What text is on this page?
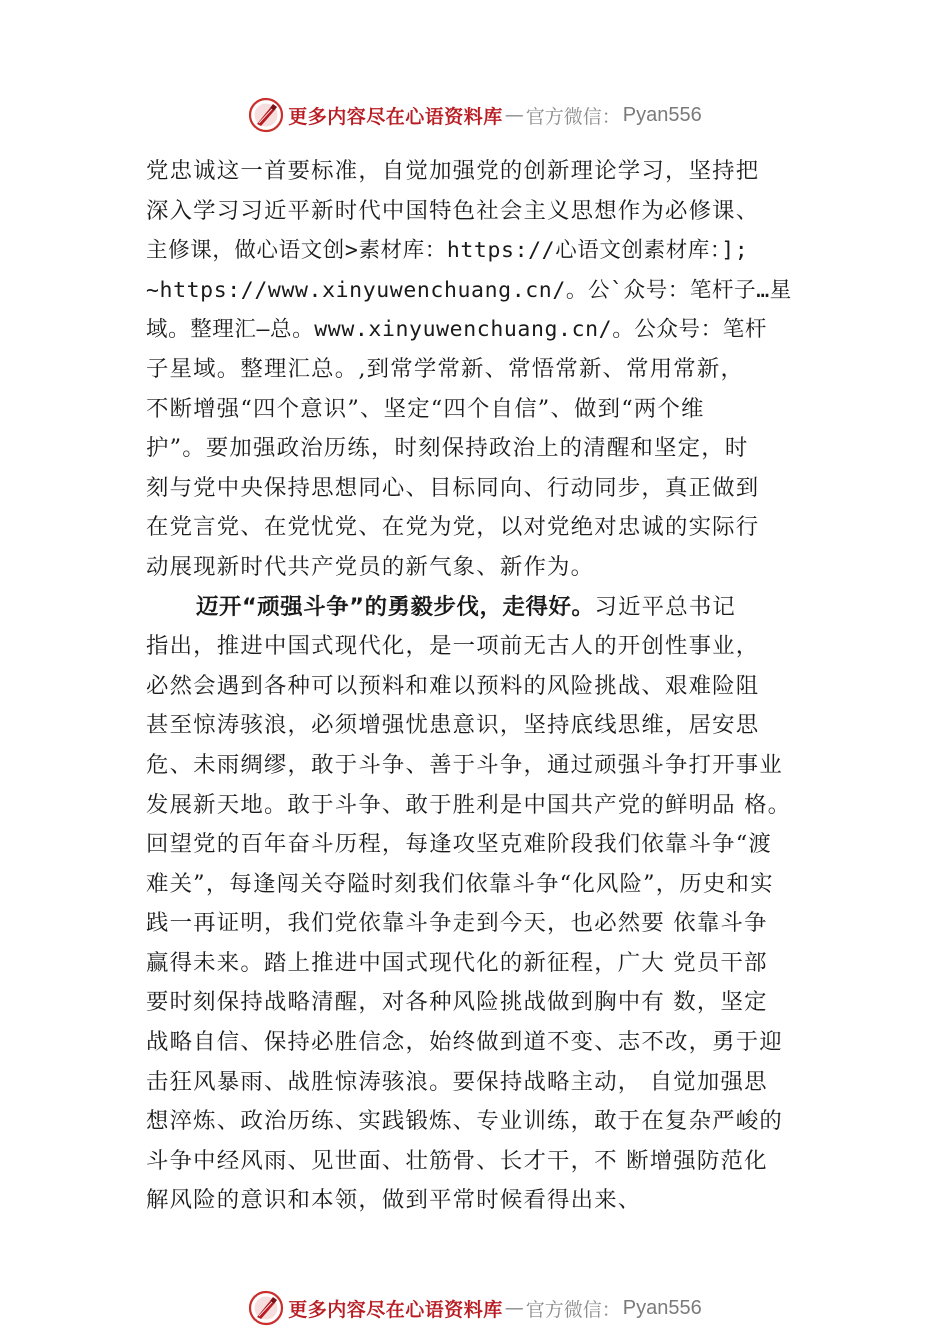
更多内容尽在心语资料库 — 官方微信： Pyan556
党忠诚这一首要标准，自觉加强党的创新理论学习，坚持把
深入学习习近平新时代中国特色社会主义思想作为必修课、
主修课，做心语文创>素材库：https://心语文创素材库：];
~https://www.xinyuwenchuang.cn/。公`众号：笔杆子…星
域。整理汇—总。www.xinyuwenchuang.cn/。公众号：笔杆
子星域。整理汇总。,到常学常新、常悟常新、常用常新，
不断增强“四个意识”、坚定“四个自信”、做到“两个维
护”。要加强政治历练，时刻保持政治上的清醒和坚定，时
刻与党中央保持思想同心、目标同向、行动同步，真正做到
在党言党、在党忧党、在党为党，以对党绝对忠诚的实际行
动展现新时代共产党员的新气象、新作为。
迈开“顽强斗争”的勇毅步伐，走得好。习近平总书记
指出，推进中国式现代化，是一项前无古人的开创性事业，
必然会遇到各种可以预料和难以预料的风险挑战、艰难险阻
甚至惊涛骇浪，必须增强忧患意识，坚持底线思维，居安思
危、未雨绸缪，敢于斗争、善于斗争，通过顽强斗争打开事业
发展新天地。敢于斗争、敢于胜利是中国共产党的鲜明品 格。
回望党的百年奋斗历程，每逢攻坚克难阶段我们依靠斗争“渡
难关”，每逢闯关夺隘时刻我们依靠斗争“化风险”，历史和实
践一再证明，我们党依靠斗争走到今天，也必然要 依靠斗争
赢得未来。踏上推进中国式现代化的新征程，广大 党员干部
要时刻保持战略清醒，对各种风险挑战做到胸中有 数，坚定
战略自信、保持必胜信念，始终做到道不变、志不改，勇于迎
击狂风暴雨、战胜惊涛骇浪。要保持战略主动， 自觉加强思
想淬炼、政治历练、实践锻炼、专业训练，敢于在复杂严峻的
斗争中经风雨、见世面、壮筋骨、长才干，不 断增强防范化
解风险的意识和本领，做到平常时候看得出来、
更多内容尽在心语资料库 — 官方微信： Pyan556
